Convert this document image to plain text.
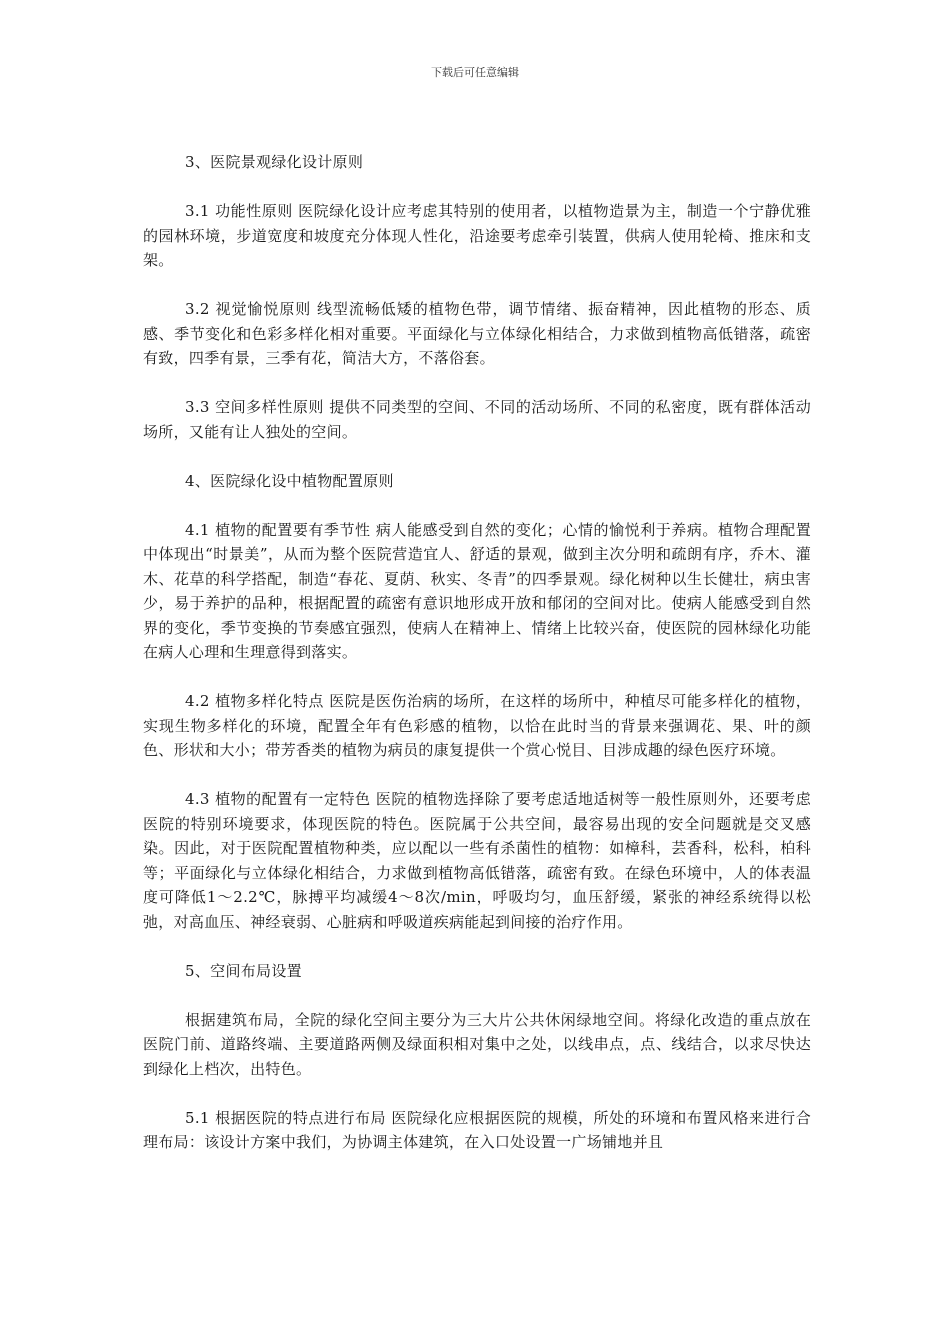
下载后可任意编辑

3、医院景观绿化设计原则

3.1 功能性原则 医院绿化设计应考虑其特别的使用者，以植物造景为主，制造一个宁静优雅的园林环境，步道宽度和坡度充分体现人性化，沿途要考虑牵引装置，供病人使用轮椅、推床和支架。

3.2 视觉愉悦原则 线型流畅低矮的植物色带，调节情绪、振奋精神，因此植物的形态、质感、季节变化和色彩多样化相对重要。平面绿化与立体绿化相结合，力求做到植物高低错落，疏密有致，四季有景，三季有花，简洁大方，不落俗套。

3.3 空间多样性原则 提供不同类型的空间、不同的活动场所、不同的私密度，既有群体活动场所，又能有让人独处的空间。

4、医院绿化设中植物配置原则

4.1 植物的配置要有季节性 病人能感受到自然的变化；心情的愉悦利于养病。植物合理配置中体现出“时景美”，从而为整个医院营造宜人、舒适的景观，做到主次分明和疏朗有序，乔木、灌木、花草的科学搭配，制造“春花、夏荫、秋实、冬青”的四季景观。绿化树种以生长健壮，病虫害少，易于养护的品种，根据配置的疏密有意识地形成开放和郁闭的空间对比。使病人能感受到自然界的变化，季节变换的节奏感宜强烈，使病人在精神上、情绪上比较兴奋，使医院的园林绿化功能在病人心理和生理意得到落实。

4.2 植物多样化特点 医院是医伤治病的场所，在这样的场所中，种植尽可能多样化的植物，实现生物多样化的环境，配置全年有色彩感的植物，以恰在此时当的背景来强调花、果、叶的颜色、形状和大小；带芳香类的植物为病员的康复提供一个赏心悦目、目涉成趣的绿色医疗环境。

4.3 植物的配置有一定特色 医院的植物选择除了要考虑适地适树等一般性原则外，还要考虑医院的特别环境要求，体现医院的特色。医院属于公共空间，最容易出现的安全问题就是交叉感染。因此，对于医院配置植物种类，应以配以一些有杀菌性的植物：如樟科，芸香科，松科，柏科等；平面绿化与立体绿化相结合，力求做到植物高低错落，疏密有致。在绿色环境中，人的体表温度可降低1～2.2℃，脉搏平均减缓4～8次/min，呼吸均匀，血压舒缓，紧张的神经系统得以松弛，对高血压、神经衰弱、心脏病和呼吸道疾病能起到间接的治疗作用。

5、空间布局设置

根据建筑布局，全院的绿化空间主要分为三大片公共休闲绿地空间。将绿化改造的重点放在医院门前、道路终端、主要道路两侧及绿面积相对集中之处，以线串点，点、线结合，以求尽快达到绿化上档次，出特色。

5.1 根据医院的特点进行布局 医院绿化应根据医院的规模，所处的环境和布置风格来进行合理布局：该设计方案中我们，为协调主体建筑，在入口处设置一广场铺地并且
